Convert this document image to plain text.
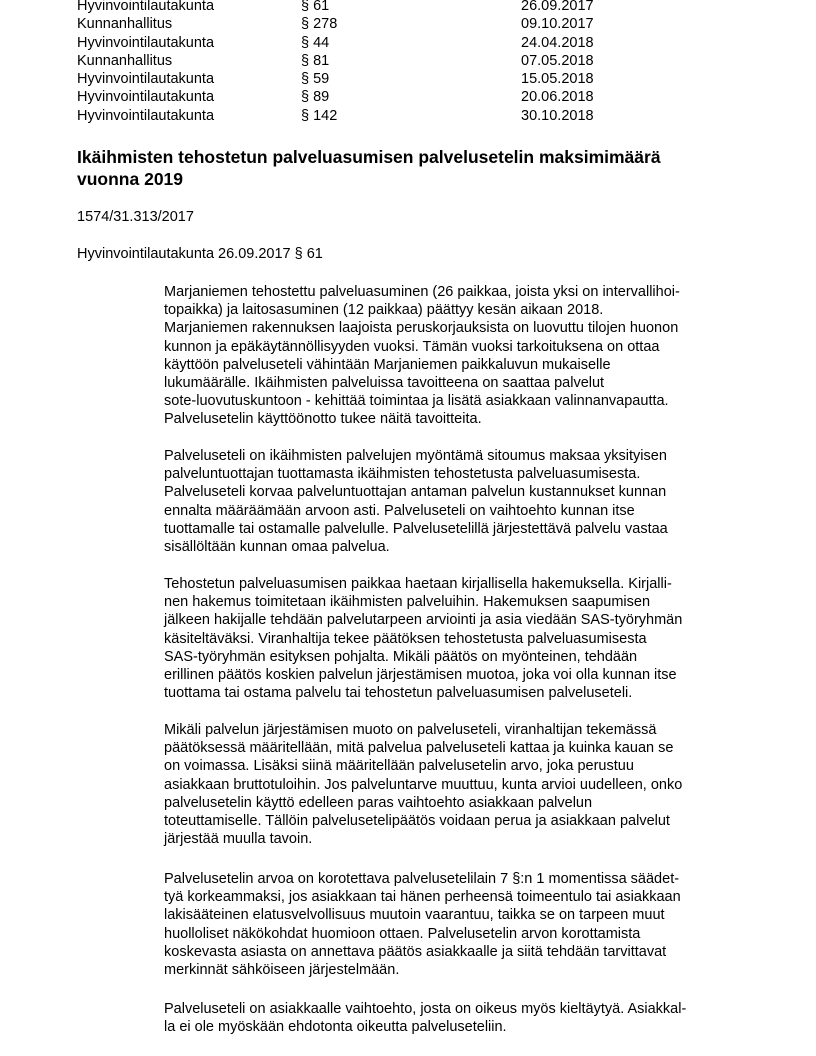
Hyvinvointilautakunta	§ 61	26.09.2017
Kunnanhallitus	§ 278	09.10.2017
Hyvinvointilautakunta	§ 44	24.04.2018
Kunnanhallitus	§ 81	07.05.2018
Hyvinvointilautakunta	§ 59	15.05.2018
Hyvinvointilautakunta	§ 89	20.06.2018
Hyvinvointilautakunta	§ 142	30.10.2018
Ikäihmisten tehostetun palveluasumisen palvelusetelin maksimimäärä
vuonna 2019
1574/31.313/2017
Hyvinvointilautakunta 26.09.2017 § 61
Marjaniemen tehostettu palveluasuminen (26 paikkaa, joista yksi on intervallihoi-
topaikka) ja laitosasuminen (12 paikkaa) päättyy kesän aikaan 2018.
Marjaniemen rakennuksen laajoista peruskorjauksista on luovuttu tilojen huonon
kunnon ja epäkäytännöllisyyden vuoksi. Tämän vuoksi tarkoituksena on ottaa
käyttöön palveluseteli vähintään Marjaniemen paikkaluvun mukaiselle
lukumäärälle. Ikäihmisten palveluissa tavoitteena on saattaa palvelut
sote-luovutuskuntoon - kehittää toimintaa ja lisätä asiakkaan valinnanvapautta.
Palvelusetelin käyttöönotto tukee näitä tavoitteita.
Palveluseteli on ikäihmisten palvelujen myöntämä sitoumus maksaa yksityisen
palveluntuottajan tuottamasta ikäihmisten tehostetusta palveluasumisesta.
Palveluseteli korvaa palveluntuottajan antaman palvelun kustannukset kunnan
ennalta määräämään arvoon asti. Palveluseteli on vaihtoehto kunnan itse
tuottamalle tai ostamalle palvelulle. Palvelusetelillä järjestettävä palvelu vastaa
sisällöltään kunnan omaa palvelua.
Tehostetun palveluasumisen paikkaa haetaan kirjallisella hakemuksella. Kirjalli-
nen hakemus toimitetaan ikäihmisten palveluihin. Hakemuksen saapumisen
jälkeen hakijalle tehdään palvelutarpeen arviointi ja asia viedään SAS-työryhmän
käsiteltäväksi. Viranhaltija tekee päätöksen tehostetusta palveluasumisesta
SAS-työryhmän esityksen pohjalta. Mikäli päätös on myönteinen, tehdään
erillinen päätös koskien palvelun järjestämisen muotoa, joka voi olla kunnan itse
tuottama tai ostama palvelu tai tehostetun palveluasumisen palveluseteli.
Mikäli palvelun järjestämisen muoto on palveluseteli, viranhaltijan tekemässä
päätöksessä määritellään, mitä palvelua palveluseteli kattaa ja kuinka kauan se
on voimassa. Lisäksi siinä määritellään palvelusetelin arvo, joka perustuu
asiakkaan bruttotuloihin. Jos palveluntarve muuttuu, kunta arvioi uudelleen, onko
palvelusetelin käyttö edelleen paras vaihtoehto asiakkaan palvelun
toteuttamiselle. Tällöin palvelusetelipäätös voidaan perua ja asiakkaan palvelut
järjestää muulla tavoin.
Palvelusetelin arvoa on korotettava palvelusetelilain 7 §:n 1 momentissa säädet-
tyä korkeammaksi, jos asiakkaan tai hänen perheensä toimeentulo tai asiakkaan
lakisääteinen elatusvelvollisuus muutoin vaarantuu, taikka se on tarpeen muut
huolloliset näkökohdat huomioon ottaen. Palvelusetelin arvon korottamista
koskevasta asiasta on annettava päätös asiakkaalle ja siitä tehdään tarvittavat
merkinnät sähköiseen järjestelmään.
Palveluseteli on asiakkaalle vaihtoehto, josta on oikeus myös kieltäytyä. Asiakkal-
la ei ole myöskään ehdotonta oikeutta palveluseteliin.
